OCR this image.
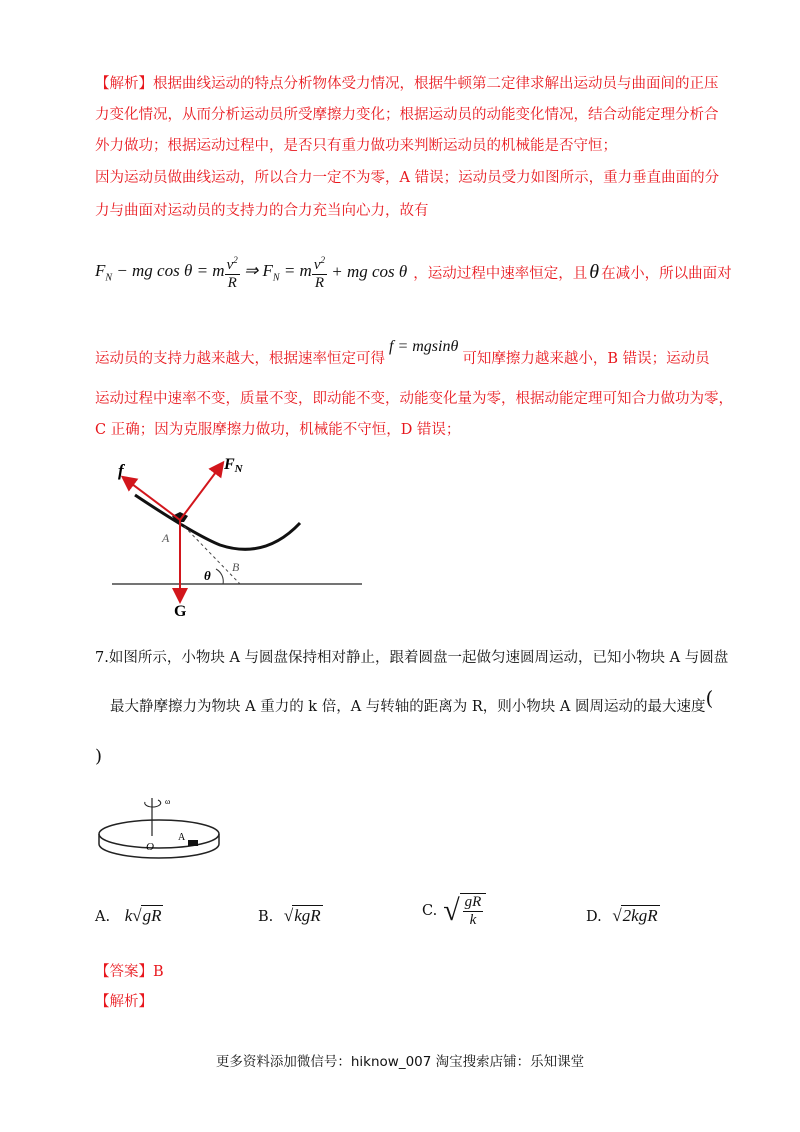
【解析】根据曲线运动的特点分析物体受力情况，根据牛顿第二定律求解出运动员与曲面间的正压
力变化情况，从而分析运动员所受摩擦力变化；根据运动员的动能变化情况，结合动能定理分析合
外力做功；根据运动过程中，是否只有重力做功来判断运动员的机械能是否守恒；
因为运动员做曲线运动，所以合力一定不为零，A 错误；运动员受力如图所示，重力垂直曲面的分
力与曲面对运动员的支持力的合力充当向心力，故有
$F_N$ − mg cos θ = m $\frac{v^2}{R}$ ⇒ $F_N = m \frac{v^2}{R}$ + mg cos θ ，运动过程中速率恒定，且 θ 在减小，所以曲面对
运动员的支持力越来越大，根据速率恒定可得
f = mgsinθ
可知摩擦力越来越小，B 错误；运动员
运动过程中速率不变，质量不变，即动能不变，动能变化量为零，根据动能定理可知合力做功为零，
C 正确；因为克服摩擦力做功，机械能不守恒，D 错误；
f	FN
A
B
θ
G
7.如图所示，小物块 A 与圆盘保持相对静止，跟着圆盘一起做匀速圆周运动，已知小物块 A 与圆盘
最大静摩擦力为物块 A 重力的 k 倍，A 与转轴的距离为 R，则小物块 A 圆周运动的最大速度(
)
ω
A
O
A. k√gR	B. √kgR	C. √ $\frac{gR}{k}$	D. √2kgR
【答案】B
【解析】
更多资料添加微信号：hiknow_007 淘宝搜索店铺：乐知课堂
